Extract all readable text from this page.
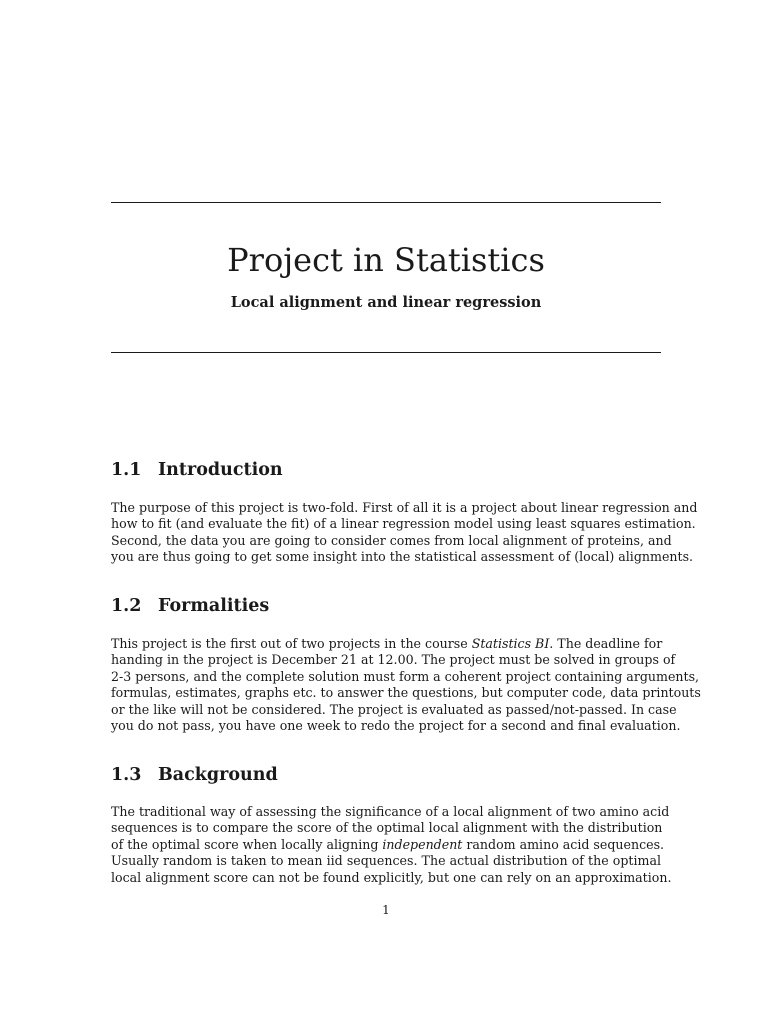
Project in Statistics

Local alignment and linear regression

1.1 Introduction
The purpose of this project is two-fold. First of all it is a project about linear regression and
how to fit (and evaluate the fit) of a linear regression model using least squares estimation.
Second, the data you are going to consider comes from local alignment of proteins, and
you are thus going to get some insight into the statistical assessment of (local) alignments.
1.2 Formalities
This project is the first out of two projects in the course Statistics BI. The deadline for
handing in the project is December 21 at 12.00. The project must be solved in groups of
2-3 persons, and the complete solution must form a coherent project containing arguments,
formulas, estimates, graphs etc. to answer the questions, but computer code, data printouts
or the like will not be considered. The project is evaluated as passed/not-passed. In case
you do not pass, you have one week to redo the project for a second and final evaluation.
1.3 Background
The traditional way of assessing the significance of a local alignment of two amino acid
sequences is to compare the score of the optimal local alignment with the distribution
of the optimal score when locally aligning independent random amino acid sequences.
Usually random is taken to mean iid sequences. The actual distribution of the optimal
local alignment score can not be found explicitly, but one can rely on an approximation.

1
